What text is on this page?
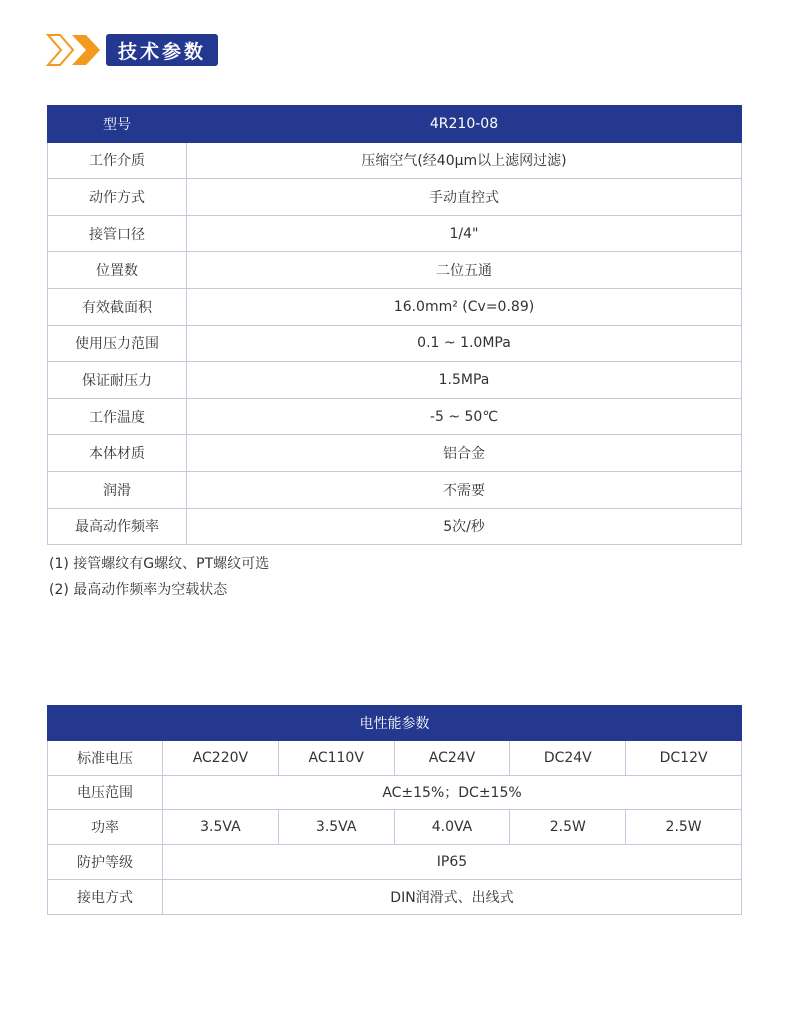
技术参数
型号	4R210-08
工作介质	压缩空气(经40μm以上滤网过滤)
动作方式	手动直控式
接管口径	1/4"
位置数	二位五通
有效截面积	16.0mm² (Cv=0.89)
使用压力范围	0.1 ~ 1.0MPa
保证耐压力	1.5MPa
工作温度	-5 ~ 50℃
本体材质	铝合金
润滑	不需要
最高动作频率	5次/秒
(1) 接管螺纹有G螺纹、PT螺纹可选
(2) 最高动作频率为空载状态
电性能参数					
标准电压	AC220V	AC110V	AC24V	DC24V	DC12V
电压范围	AC±15%；DC±15%				
功率	3.5VA	3.5VA	4.0VA	2.5W	2.5W
防护等级	IP65				
接电方式	DIN润滑式、出线式				
